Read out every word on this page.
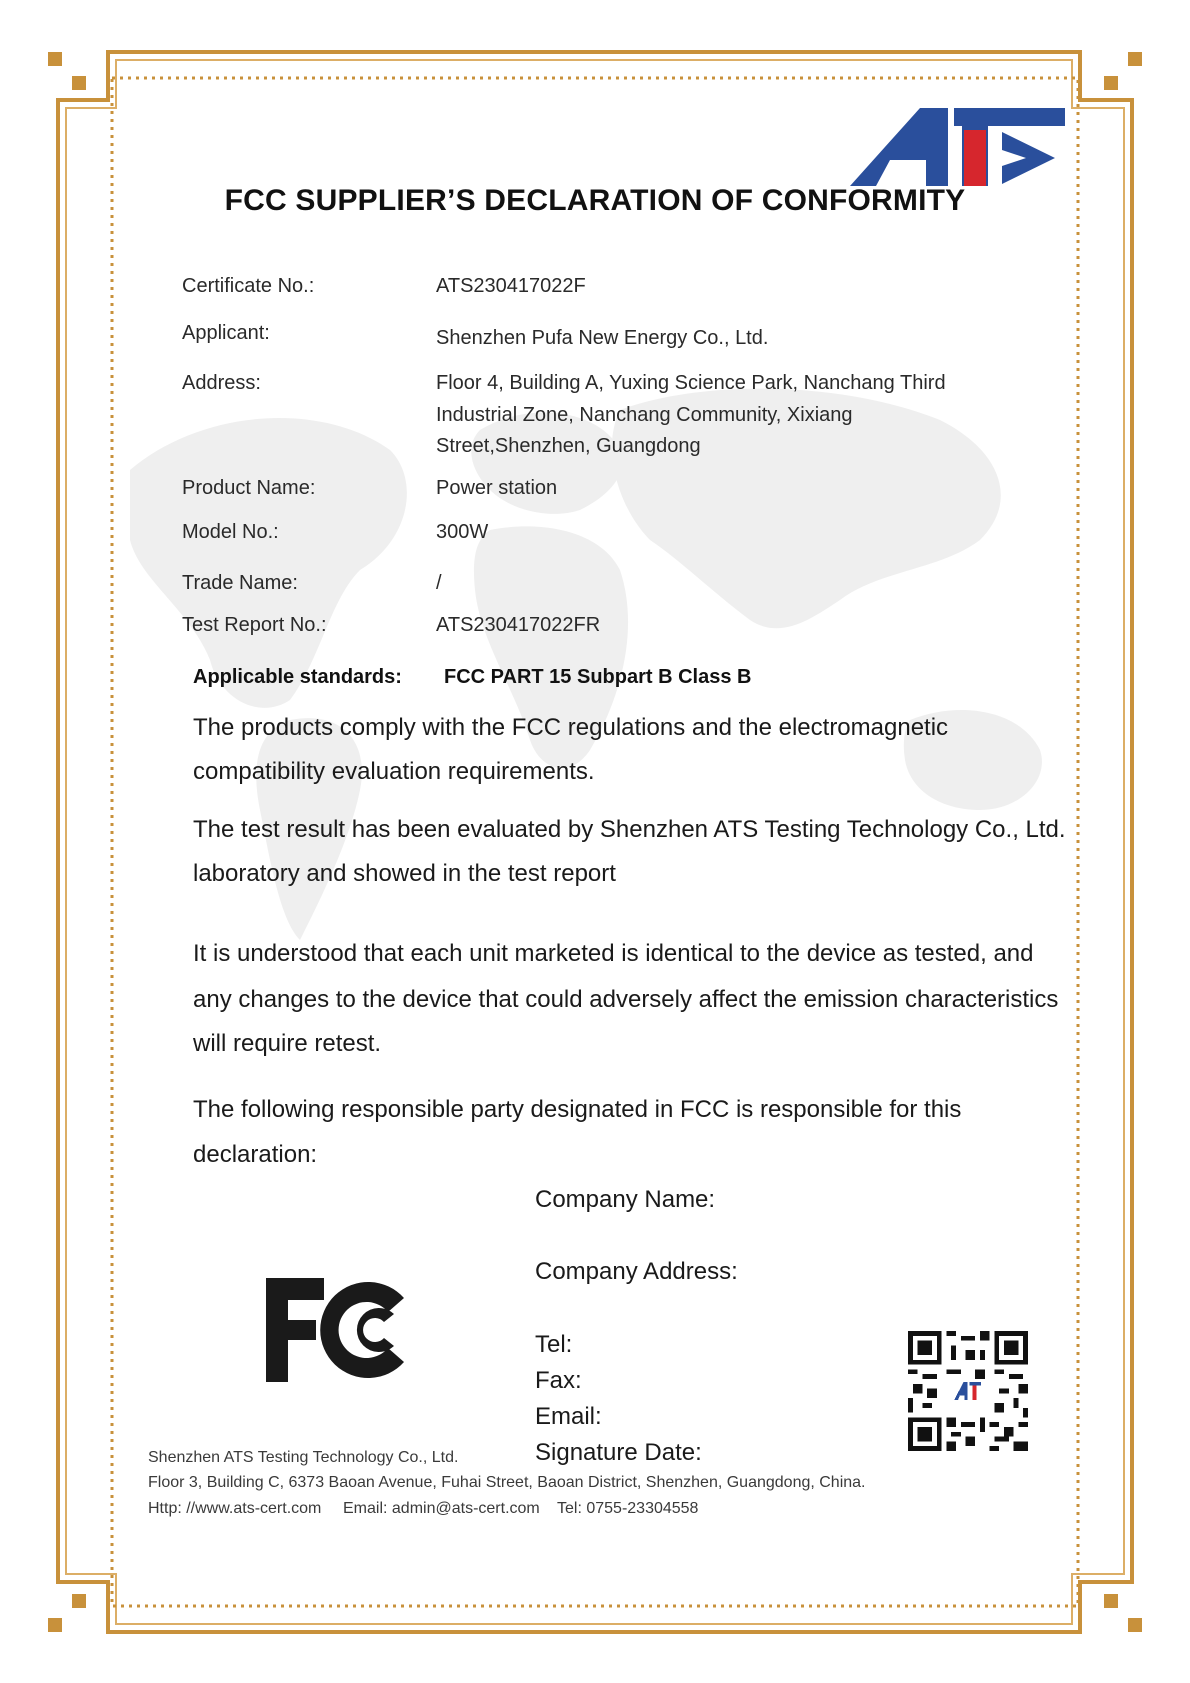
FCC SUPPLIER’S DECLARATION OF CONFORMITY
Certificate No.:	ATS230417022F
Applicant:	Shenzhen Pufa New Energy Co., Ltd.
Address:	Floor 4, Building A, Yuxing Science Park, Nanchang Third
Industrial Zone, Nanchang Community, Xixiang
Street,Shenzhen, Guangdong
Product Name:	Power station
Model No.:	300W
Trade Name:	/
Test Report No.:	ATS230417022FR
Applicable standards: FCC PART 15 Subpart B Class B
The products comply with the FCC regulations and the electromagnetic
compatibility evaluation requirements.
The test result has been evaluated by Shenzhen ATS Testing Technology Co., Ltd.
laboratory and showed in the test report
It is understood that each unit marketed is identical to the device as tested, and
any changes to the device that could adversely affect the emission characteristics
will require retest.
The following responsible party designated in FCC is responsible for this
declaration:
Company Name:
Company Address:
Tel:
Fax:
Email:
Signature Date:
Shenzhen ATS Testing Technology Co., Ltd.
Floor 3, Building C, 6373 Baoan Avenue, Fuhai Street, Baoan District, Shenzhen, Guangdong, China.
Http: //www.ats-cert.com Email: admin@ats-cert.com Tel: 0755-23304558
